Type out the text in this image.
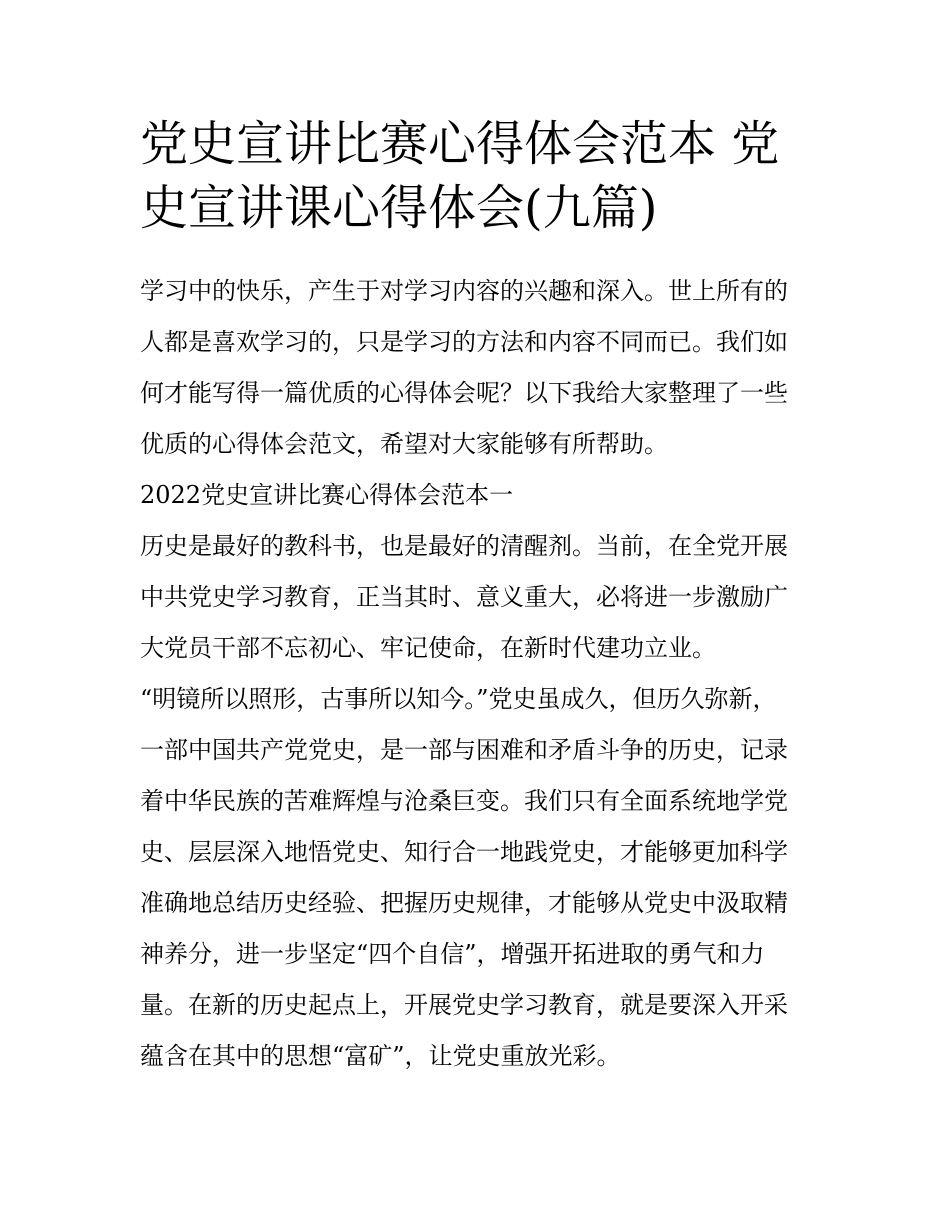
党史宣讲比赛心得体会范本 党
史宣讲课心得体会(九篇)

学习中的快乐，产生于对学习内容的兴趣和深入。世上所有的
人都是喜欢学习的，只是学习的方法和内容不同而已。我们如
何才能写得一篇优质的心得体会呢？以下我给大家整理了一些
优质的心得体会范文，希望对大家能够有所帮助。

2022党史宣讲比赛心得体会范本一

历史是最好的教科书，也是最好的清醒剂。当前，在全党开展
中共党史学习教育，正当其时、意义重大，必将进一步激励广
大党员干部不忘初心、牢记使命，在新时代建功立业。

“明镜所以照形，古事所以知今。”党史虽成久，但历久弥新，
一部中国共产党党史，是一部与困难和矛盾斗争的历史，记录
着中华民族的苦难辉煌与沧桑巨变。我们只有全面系统地学党
史、层层深入地悟党史、知行合一地践党史，才能够更加科学
准确地总结历史经验、把握历史规律，才能够从党史中汲取精
神养分，进一步坚定“四个自信”，增强开拓进取的勇气和力
量。在新的历史起点上，开展党史学习教育，就是要深入开采
蕴含在其中的思想“富矿”，让党史重放光彩。
